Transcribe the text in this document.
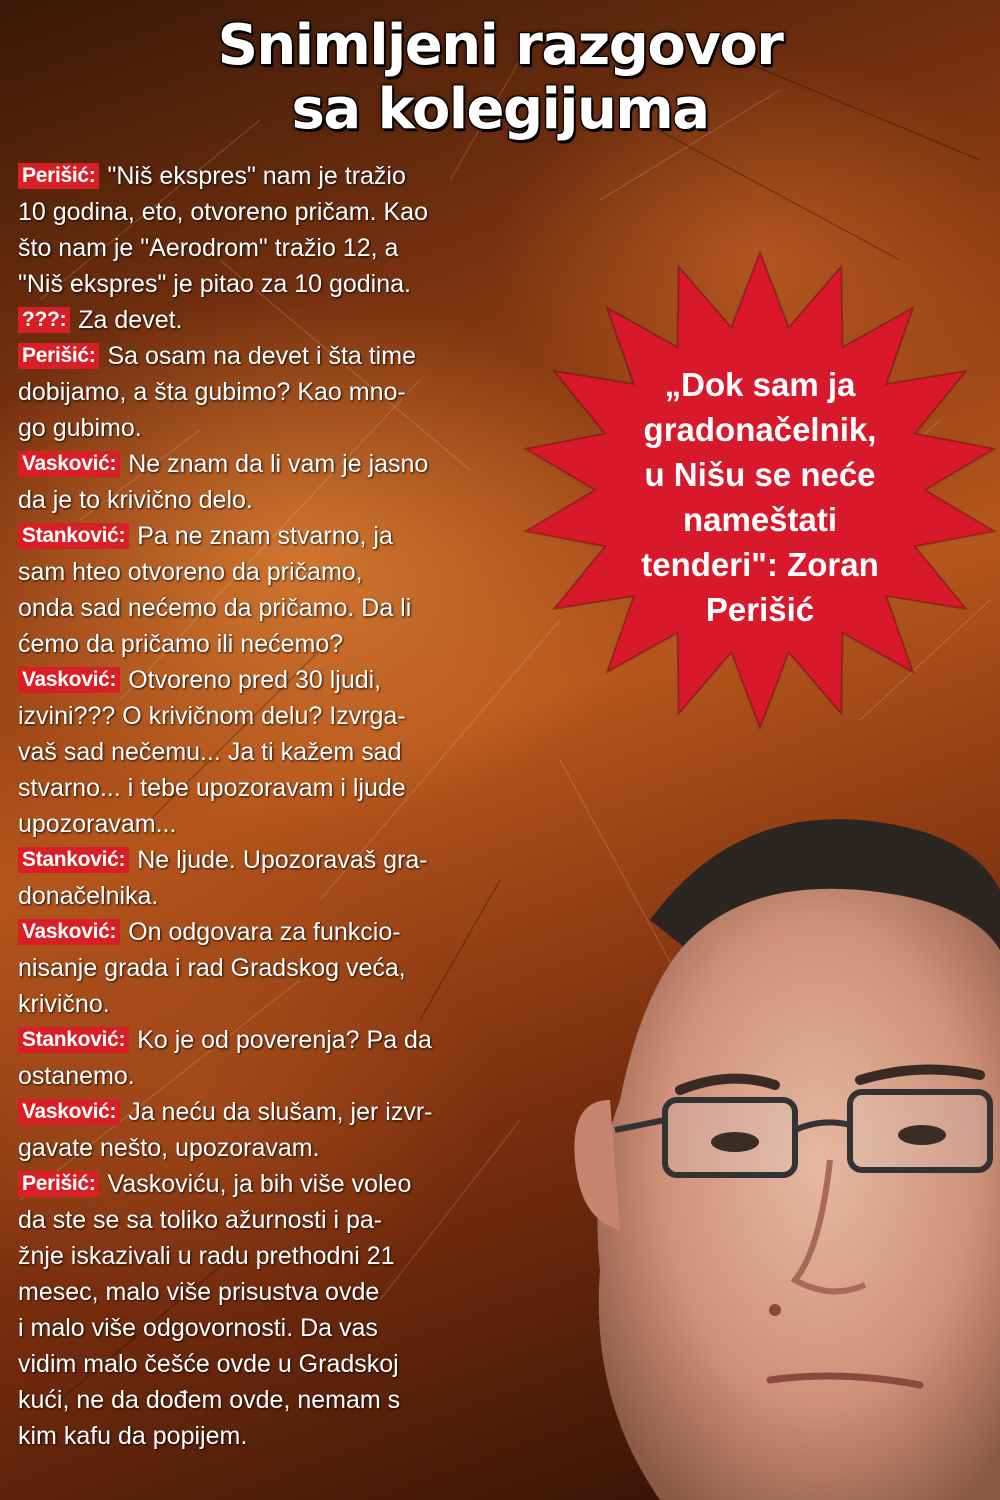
Snimljeni razgovor
sa kolegijuma
Perišić: "Niš ekspres" nam je tražio
10 godina, eto, otvoreno pričam. Kao
što nam je "Aerodrom" tražio 12, a
"Niš ekspres" je pitao za 10 godina.
???: Za devet.
Perišić: Sa osam na devet i šta time
dobijamo, a šta gubimo? Kao mno-
go gubimo.
Vasković: Ne znam da li vam je jasno
da je to krivično delo.
Stanković: Pa ne znam stvarno, ja
sam hteo otvoreno da pričamo,
onda sad nećemo da pričamo. Da li
ćemo da pričamo ili nećemo?
Vasković: Otvoreno pred 30 ljudi,
izvini??? O krivičnom delu? Izvrga-
vaš sad nečemu... Ja ti kažem sad
stvarno... i tebe upozoravam i ljude
upozoravam...
Stanković: Ne ljude. Upozoravaš gra-
donačelnika.
Vasković: On odgovara za funkcio-
nisanje grada i rad Gradskog veća,
krivično.
Stanković: Ko je od poverenja? Pa da
ostanemo.
Vasković: Ja neću da slušam, jer izvr-
gavate nešto, upozoravam.
Perišić: Vaskoviću, ja bih više voleo
da ste se sa toliko ažurnosti i pa-
žnje iskazivali u radu prethodni 21
mesec, malo više prisustva ovde
i malo više odgovornosti. Da vas
vidim malo češće ovde u Gradskoj
kući, ne da dođem ovde, nemam s
kim kafu da popijem.
„Dok sam ja
gradonačelnik,
u Nišu se neće
nameštati
tenderi": Zoran
Perišić
